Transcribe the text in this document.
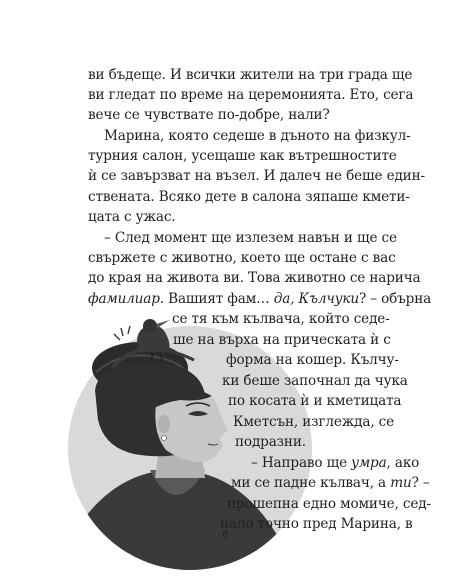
ви бъдеще. И всички жители на три града ще
ви гледат по време на церемонията. Ето, сега
вече се чувствате по-добре, нали?
Марина, която седеше в дъното на физкул-
турния салон, усещаше как вътрешностите
ѝ се завързват на възел. И далеч не беше един-
ствената. Всяко дете в салона зяпаше кмети-
цата с ужас.
– След момент ще излезем навън и ще се
свържете с животно, което ще остане с вас
до края на живота ви. Това животно се нарича
фамилиар. Вашият фам… да, Кълчуки? – обърна
се тя към кълвача, който седе-
ше на върха на прическата ѝ с
форма на кошер. Кълчу-
ки беше започнал да чука
по косата ѝ и кметицата
Кметсън, изглежда, се
подразни.
– Направо ще умра, ако
ми се падне кълвач, а ти? –
прошепна едно момиче, сед-
нало точно пред Марина, в
·8·
